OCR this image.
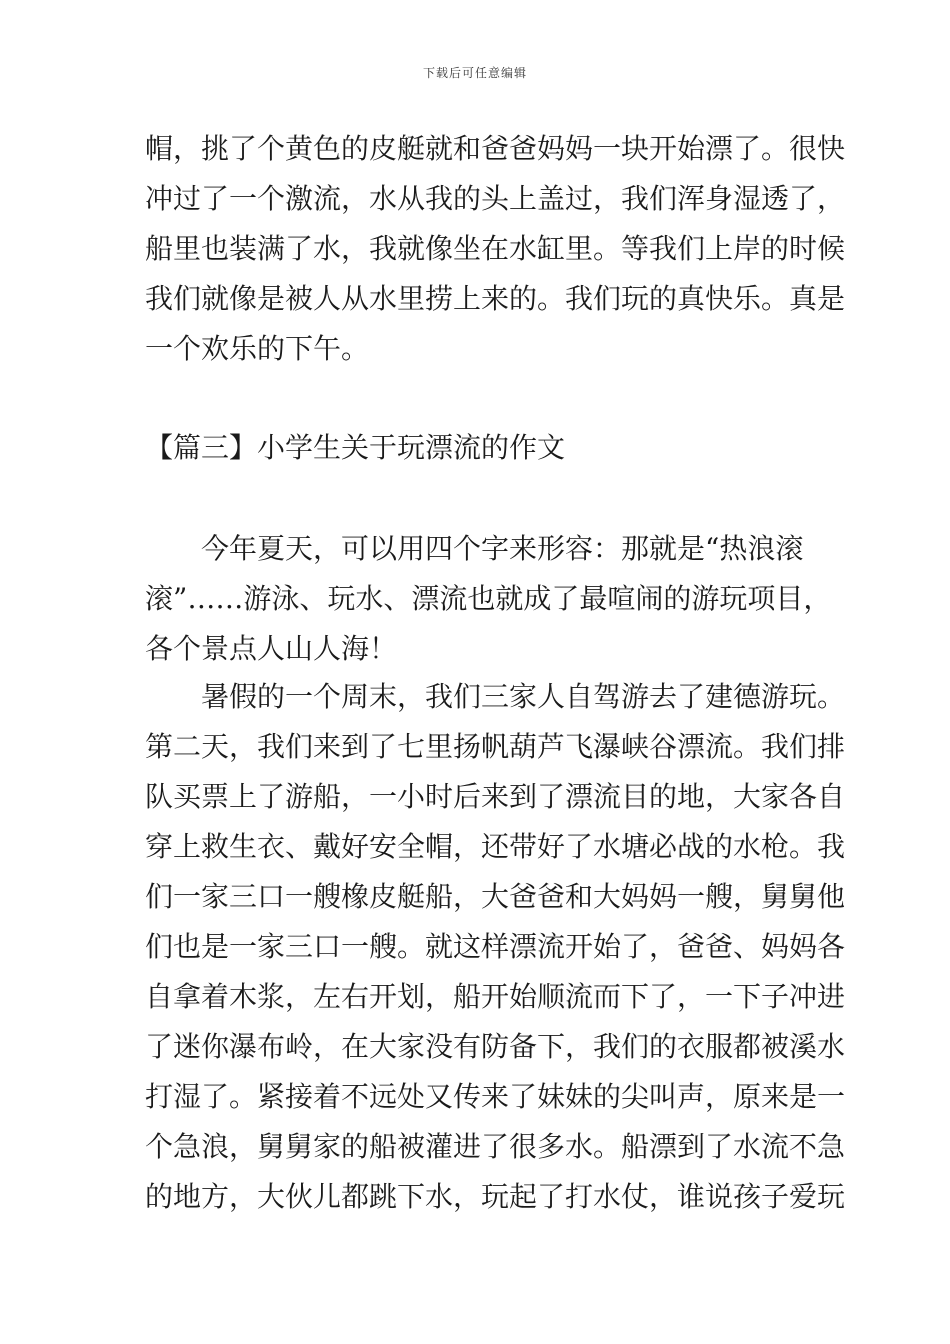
下载后可任意编辑
帽，挑了个黄色的皮艇就和爸爸妈妈一块开始漂了。很快
冲过了一个激流，水从我的头上盖过，我们浑身湿透了，
船里也装满了水，我就像坐在水缸里。等我们上岸的时候
我们就像是被人从水里捞上来的。我们玩的真快乐。真是
一个欢乐的下午。
【篇三】小学生关于玩漂流的作文
今年夏天，可以用四个字来形容：那就是“热浪滚
滚”……游泳、玩水、漂流也就成了最喧闹的游玩项目，
各个景点人山人海！
暑假的一个周末，我们三家人自驾游去了建德游玩。
第二天，我们来到了七里扬帆葫芦飞瀑峡谷漂流。我们排
队买票上了游船，一小时后来到了漂流目的地，大家各自
穿上救生衣、戴好安全帽，还带好了水塘必战的水枪。我
们一家三口一艘橡皮艇船，大爸爸和大妈妈一艘，舅舅他
们也是一家三口一艘。就这样漂流开始了，爸爸、妈妈各
自拿着木浆，左右开划，船开始顺流而下了，一下子冲进
了迷你瀑布岭，在大家没有防备下，我们的衣服都被溪水
打湿了。紧接着不远处又传来了妹妹的尖叫声，原来是一
个急浪，舅舅家的船被灌进了很多水。船漂到了水流不急
的地方，大伙儿都跳下水，玩起了打水仗，谁说孩子爱玩
